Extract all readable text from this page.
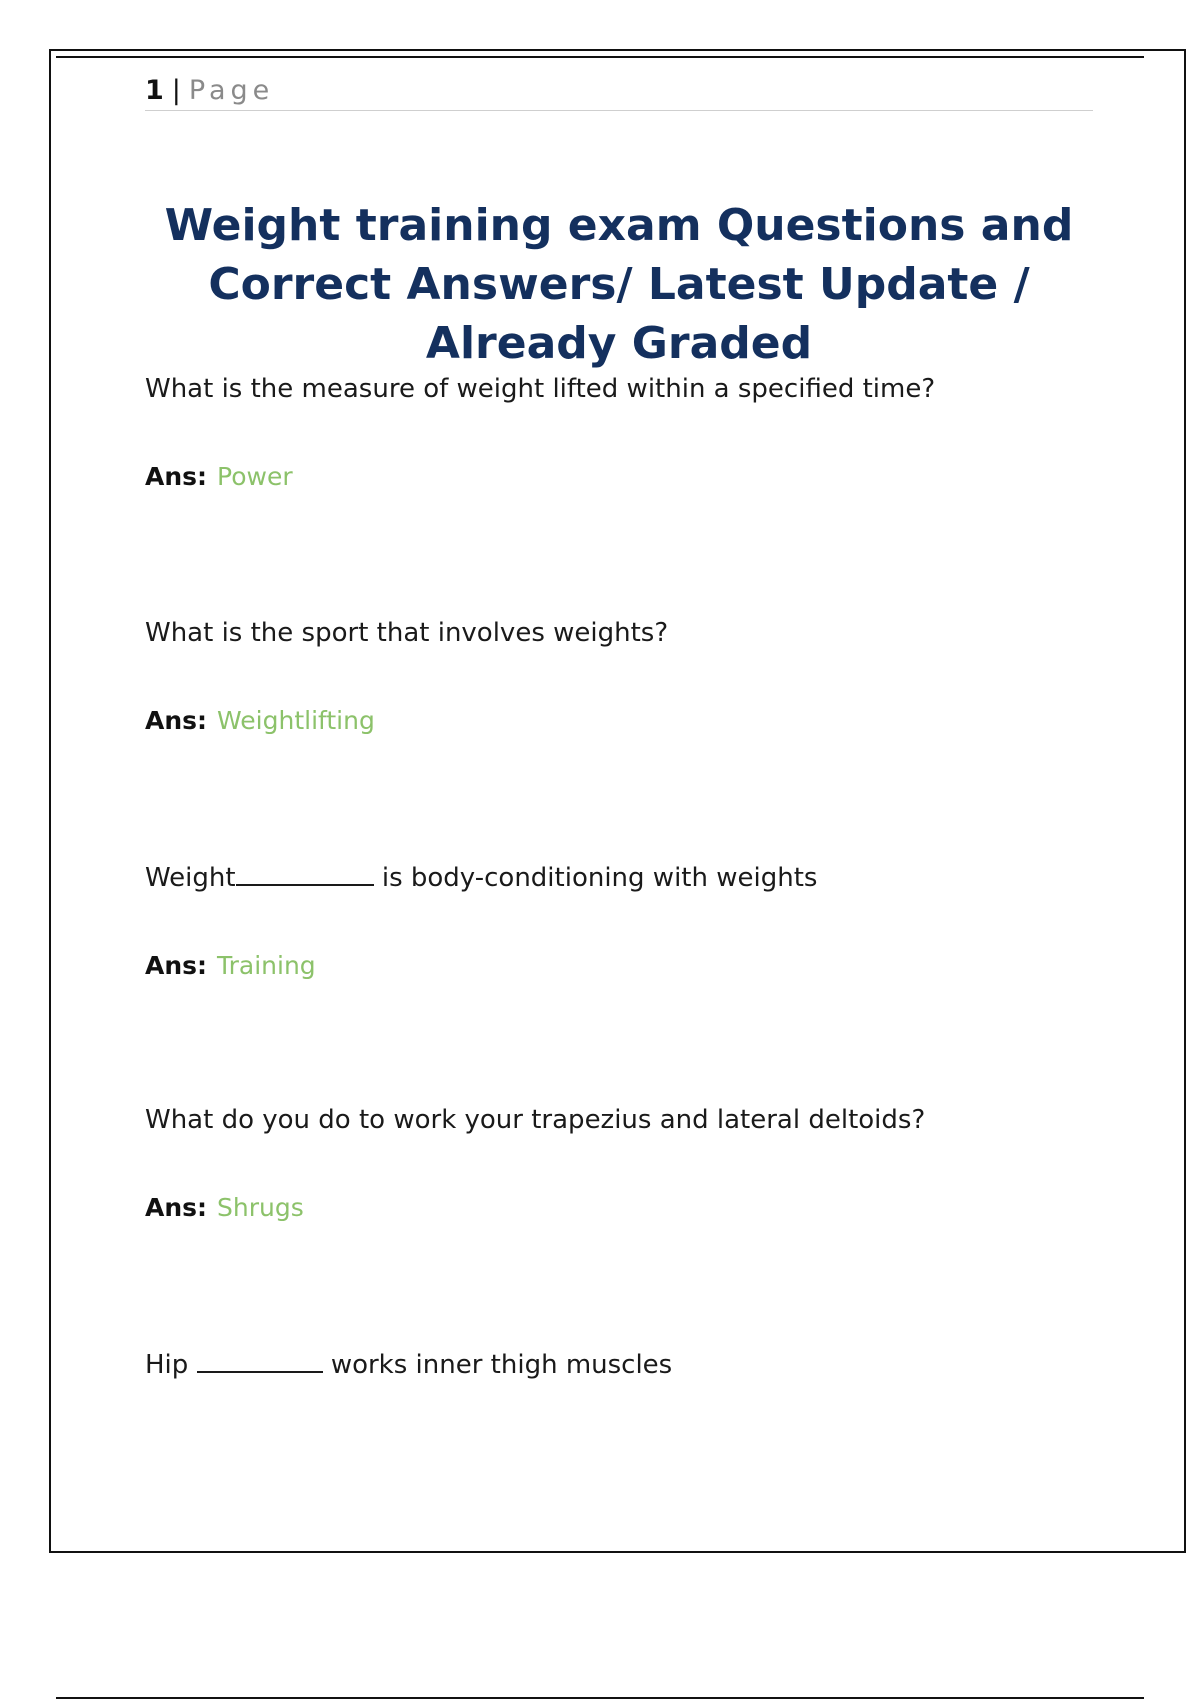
1 | Page
Weight training exam Questions and Correct Answers/ Latest Update / Already Graded
What is the measure of weight lifted within a specified time?
Ans: Power
What is the sport that involves weights?
Ans: Weightlifting
Weight	is body-conditioning with weights
Ans: Training
What do you do to work your trapezius and lateral deltoids?
Ans: Shrugs
Hip	works inner thigh muscles
